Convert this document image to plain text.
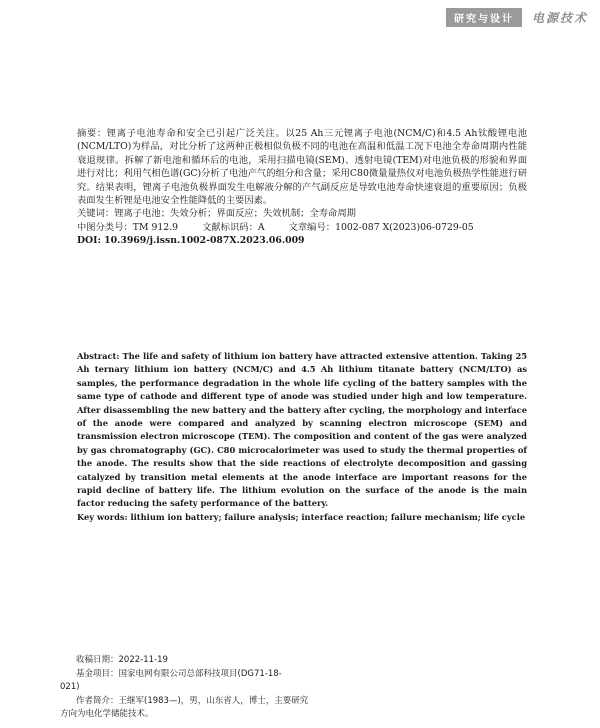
研究与设计	电源技术

摘要：锂离子电池寿命和安全已引起广泛关注。以25 Ah三元锂离子电池(NCM/C)和4.5 Ah钛酸锂电池(NCM/LTO)为样品，对比分析了这两种正极相似负极不同的电池在高温和低温工况下电池全寿命周期内性能衰退规律。拆解了新电池和循环后的电池，采用扫描电镜(SEM)、透射电镜(TEM)对电池负极的形貌和界面进行对比；利用气相色谱(GC)分析了电池产气的组分和含量；采用C80微量量热仪对电池负极热学性能进行研究。结果表明，锂离子电池负极界面发生电解液分解的产气副反应是导致电池寿命快速衰退的重要原因；负极表面发生析锂是电池安全性能降低的主要因素。

关键词：锂离子电池；失效分析；界面反应；失效机制；全寿命周期

中图分类号：TM 912.9	文献标识码：A	文章编号：1002-087 X(2023)06-0729-05

DOI: 10.3969/j.issn.1002-087X.2023.06.009

Abstract: The life and safety of lithium ion battery have attracted extensive attention. Taking 25 Ah ternary lithium ion battery (NCM/C) and 4.5 Ah lithium titanate battery (NCM/LTO) as samples, the performance degradation in the whole life cycling of the battery samples with the same type of cathode and different type of anode was studied under high and low temperature. After disassembling the new battery and the battery after cycling, the morphology and interface of the anode were compared and analyzed by scanning electron microscope (SEM) and transmission electron microscope (TEM). The composition and content of the gas were analyzed by gas chromatography (GC). C80 microcalorimeter was used to study the thermal properties of the anode. The results show that the side reactions of electrolyte decomposition and gassing catalyzed by transition metal elements at the anode interface are important reasons for the rapid decline of battery life. The lithium evolution on the surface of the anode is the main factor reducing the safety performance of the battery.

Key words: lithium ion battery; failure analysis; interface reaction; failure mechanism; life cycle

收稿日期：2022-11-19

基金项目：国家电网有限公司总部科技项目(DG71-18-

021)

作者简介：王继军(1983—)，男，山东省人，博士，主要研究

方向为电化学储能技术。
